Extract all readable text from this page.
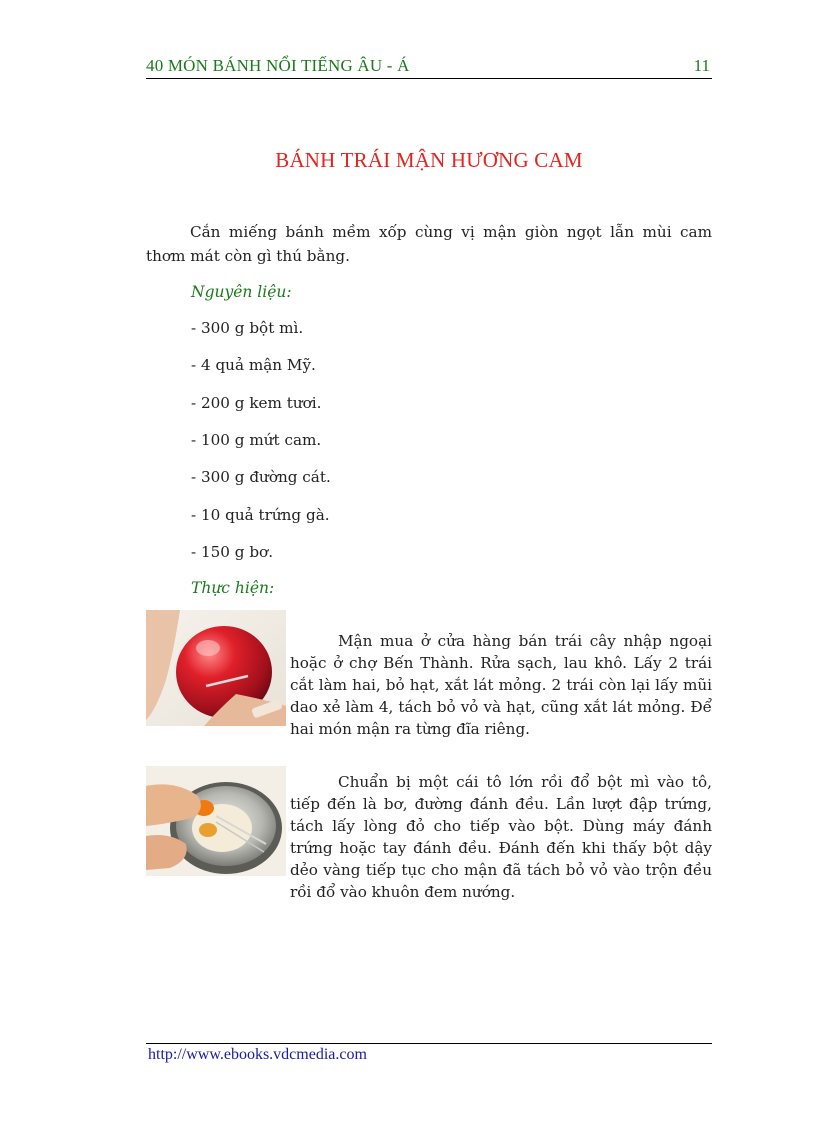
40 MÓN BÁNH NỔI TIẾNG ÂU - Á	11
BÁNH TRÁI MẬN HƯƠNG CAM
Cắn miếng bánh mềm xốp cùng vị mận giòn ngọt lẫn mùi cam thơm mát còn gì thú bằng.
Nguyên liệu:
- 300 g bột mì.
- 4 quả mận Mỹ.
- 200 g kem tươi.
- 100 g mứt cam.
- 300 g đường cát.
- 10 quả trứng gà.
- 150 g bơ.
Thực hiện:
Mận mua ở cửa hàng bán trái cây nhập ngoại hoặc ở chợ Bến Thành. Rửa sạch, lau khô. Lấy 2 trái cắt làm hai, bỏ hạt, xắt lát mỏng. 2 trái còn lại lấy mũi dao xẻ làm 4, tách bỏ vỏ và hạt, cũng xắt lát mỏng. Để hai món mận ra từng đĩa riêng.
Chuẩn bị một cái tô lớn rồi đổ bột mì vào tô, tiếp đến là bơ, đường đánh đều. Lần lượt đập trứng, tách lấy lòng đỏ cho tiếp vào bột. Dùng máy đánh trứng hoặc tay đánh đều. Đánh đến khi thấy bột dậy dẻo vàng tiếp tục cho mận đã tách bỏ vỏ vào trộn đều rồi đổ vào khuôn đem nướng.
http://www.ebooks.vdcmedia.com
